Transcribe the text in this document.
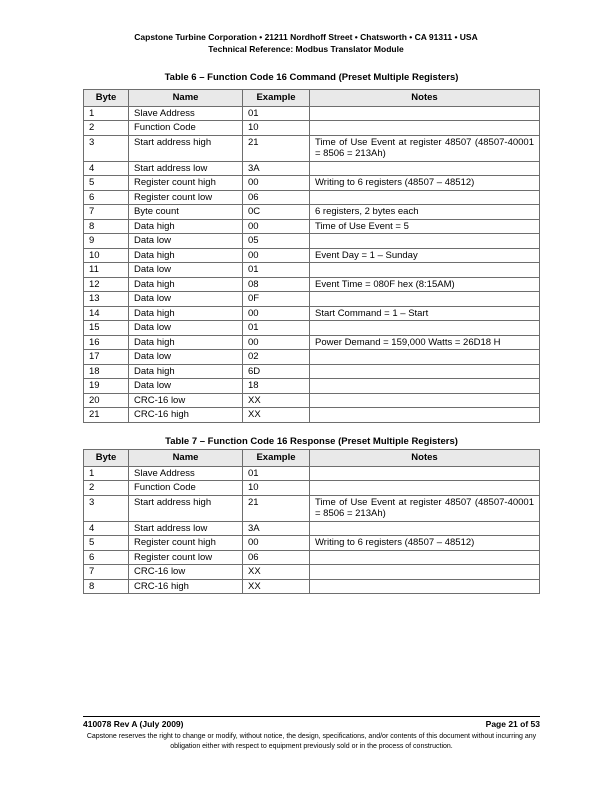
Capstone Turbine Corporation • 21211 Nordhoff Street • Chatsworth • CA 91311 • USA
Technical Reference: Modbus Translator Module
Table 6 – Function Code 16 Command (Preset Multiple Registers)
Byte	Name	Example	Notes
1	Slave Address	01	
2	Function Code	10	
3	Start address high	21	Time of Use Event at register 48507 (48507-40001 = 8506 = 213Ah)
4	Start address low	3A	
5	Register count high	00	Writing to 6 registers (48507 – 48512)
6	Register count low	06	
7	Byte count	0C	6 registers, 2 bytes each
8	Data high	00	Time of Use Event = 5
9	Data low	05	
10	Data high	00	Event Day = 1 – Sunday
11	Data low	01	
12	Data high	08	Event Time = 080F hex (8:15AM)
13	Data low	0F	
14	Data high	00	Start Command = 1 – Start
15	Data low	01	
16	Data high	00	Power Demand = 159,000 Watts = 26D18 H
17	Data low	02	
18	Data high	6D	
19	Data low	18	
20	CRC-16 low	XX	
21	CRC-16 high	XX	
Table 7 – Function Code 16 Response (Preset Multiple Registers)
Byte	Name	Example	Notes
1	Slave Address	01	
2	Function Code	10	
3	Start address high	21	Time of Use Event at register 48507 (48507-40001 = 8506 = 213Ah)
4	Start address low	3A	
5	Register count high	00	Writing to 6 registers (48507 – 48512)
6	Register count low	06	
7	CRC-16 low	XX	
8	CRC-16 high	XX	
410078 Rev A (July 2009)	Page 21 of 53
Capstone reserves the right to change or modify, without notice, the design, specifications, and/or contents of this document without incurring any obligation either with respect to equipment previously sold or in the process of construction.
